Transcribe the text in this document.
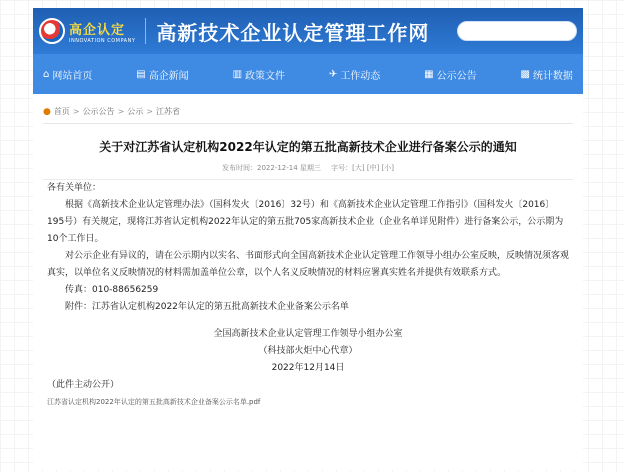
高企认定
INNOVATION COMPANY 高新技术企业认定管理工作网
⌂ 网站首页	▤ 高企新闻	▥ 政策文件	✈ 工作动态	▦ 公示公告	▩ 统计数据
● 首页 > 公示公告 > 公示 > 江苏省
关于对江苏省认定机构2022年认定的第五批高新技术企业进行备案公示的通知
发布时间：2022-12-14 星期三 字号：[大] [中] [小]

各有关单位：

根据《高新技术企业认定管理办法》（国科发火〔2016〕32号）和《高新技术企业认定管理工作指引》（国科发火〔2016〕195号）有关规定，现将江苏省认定机构2022年认定的第五批705家高新技术企业（企业名单详见附件）进行备案公示，公示期为10个工作日。

对公示企业有异议的，请在公示期内以实名、书面形式向全国高新技术企业认定管理工作领导小组办公室反映，反映情况须客观真实，以单位名义反映情况的材料需加盖单位公章，以个人名义反映情况的材料应署真实姓名并提供有效联系方式。

传真：010-88656259

附件：江苏省认定机构2022年认定的第五批高新技术企业备案公示名单

全国高新技术企业认定管理工作领导小组办公室

（科技部火炬中心代章）

2022年12月14日

（此件主动公开）

江苏省认定机构2022年认定的第五批高新技术企业备案公示名单.pdf
